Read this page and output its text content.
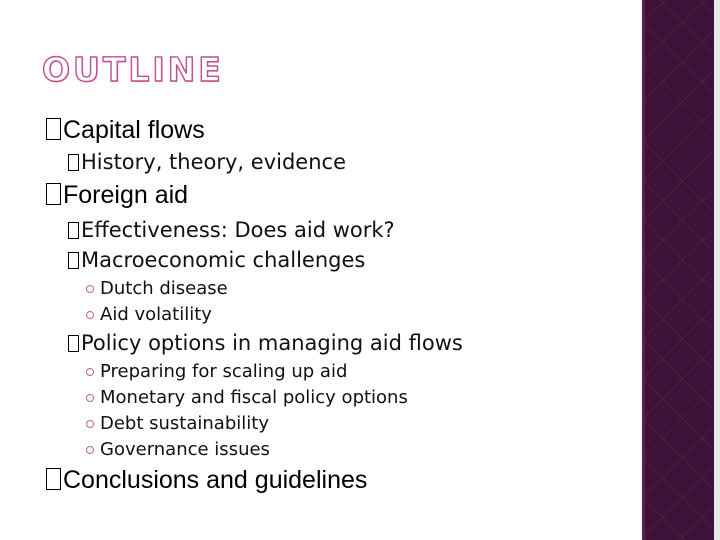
OUTLINE
Capital flows
History, theory, evidence
Foreign aid
Effectiveness: Does aid work?
Macroeconomic challenges
Dutch disease
Aid volatility
Policy options in managing aid flows
Preparing for scaling up aid
Monetary and fiscal policy options
Debt sustainability
Governance issues
Conclusions and guidelines
